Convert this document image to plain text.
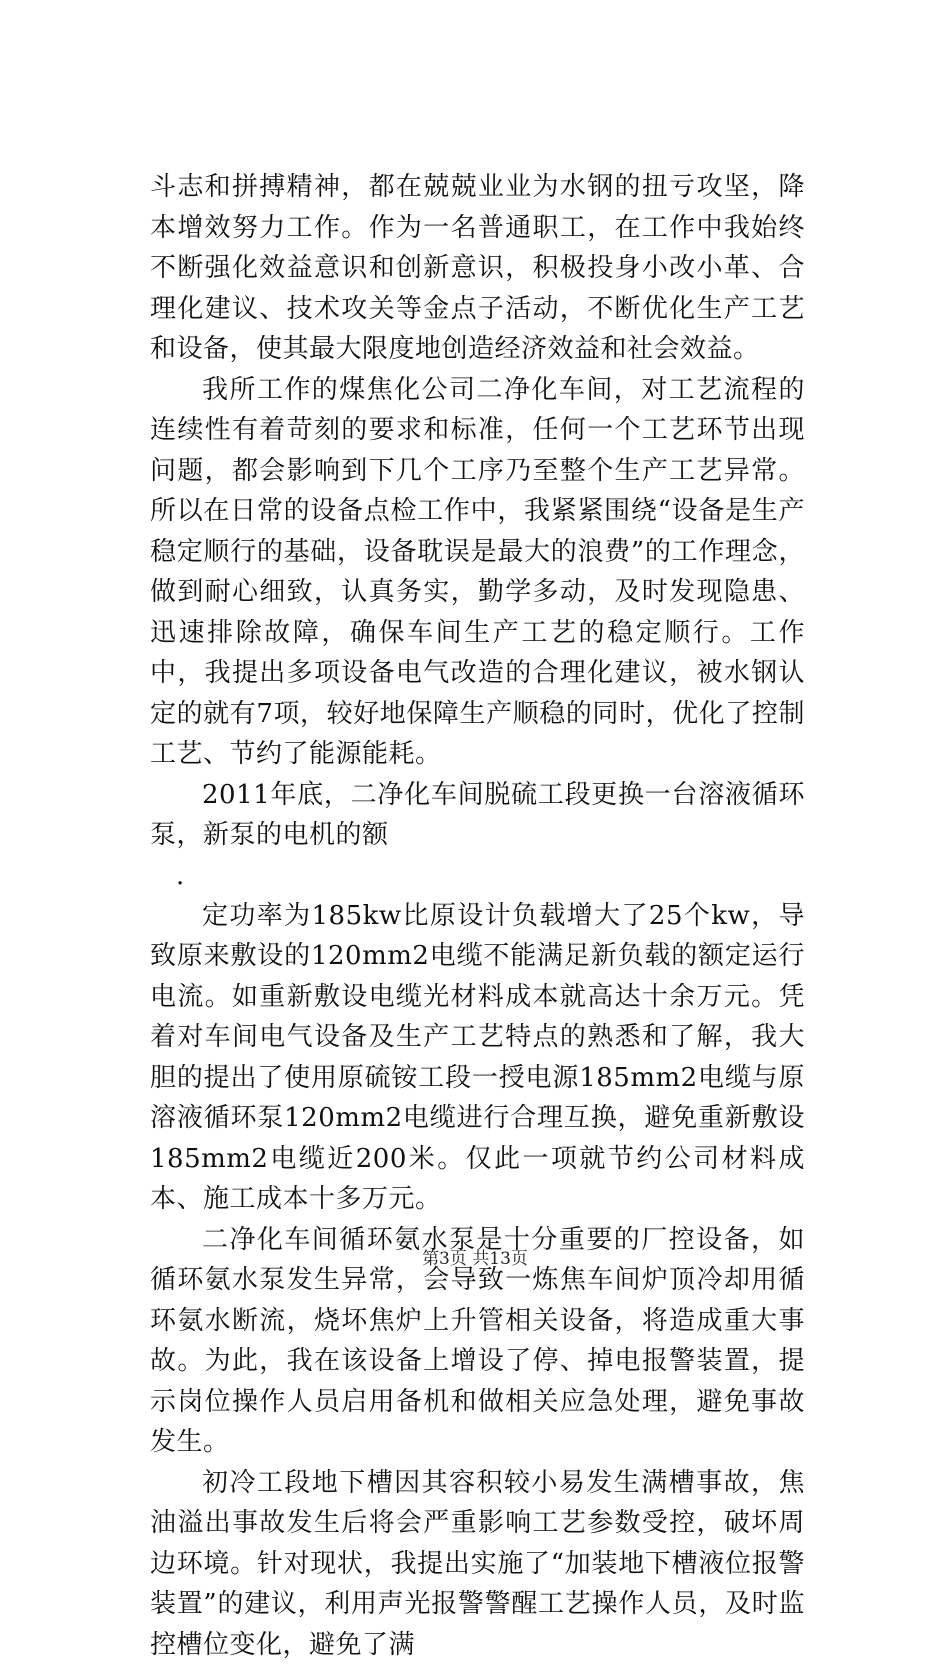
斗志和拼搏精神，都在兢兢业业为水钢的扭亏攻坚，降本增效努力工作。作为一名普通职工，在工作中我始终不断强化效益意识和创新意识，积极投身小改小革、合理化建议、技术攻关等金点子活动，不断优化生产工艺和设备，使其最大限度地创造经济效益和社会效益。

我所工作的煤焦化公司二净化车间，对工艺流程的连续性有着苛刻的要求和标准，任何一个工艺环节出现问题，都会影响到下几个工序乃至整个生产工艺异常。所以在日常的设备点检工作中，我紧紧围绕“设备是生产稳定顺行的基础，设备耽误是最大的浪费”的工作理念，做到耐心细致，认真务实，勤学多动，及时发现隐患、迅速排除故障，确保车间生产工艺的稳定顺行。工作中，我提出多项设备电气改造的合理化建议，被水钢认定的就有7项，较好地保障生产顺稳的同时，优化了控制工艺、节约了能源能耗。

2011年底，二净化车间脱硫工段更换一台溶液循环泵，新泵的电机的额

.

定功率为185kw比原设计负载增大了25个kw，导致原来敷设的120mm2电缆不能满足新负载的额定运行电流。如重新敷设电缆光材料成本就高达十余万元。凭着对车间电气设备及生产工艺特点的熟悉和了解，我大胆的提出了使用原硫铵工段一授电源185mm2电缆与原溶液循环泵120mm2电缆进行合理互换，避免重新敷设185mm2电缆近200米。仅此一项就节约公司材料成本、施工成本十多万元。

二净化车间循环氨水泵是十分重要的厂控设备，如循环氨水泵发生异常，会导致一炼焦车间炉顶冷却用循环氨水断流，烧坏焦炉上升管相关设备，将造成重大事故。为此，我在该设备上增设了停、掉电报警装置，提示岗位操作人员启用备机和做相关应急处理，避免事故发生。

初冷工段地下槽因其容积较小易发生满槽事故，焦油溢出事故发生后将会严重影响工艺参数受控，破坏周边环境。针对现状，我提出实施了“加装地下槽液位报警装置”的建议，利用声光报警警醒工艺操作人员，及时监控槽位变化，避免了满

第3页 共13页
